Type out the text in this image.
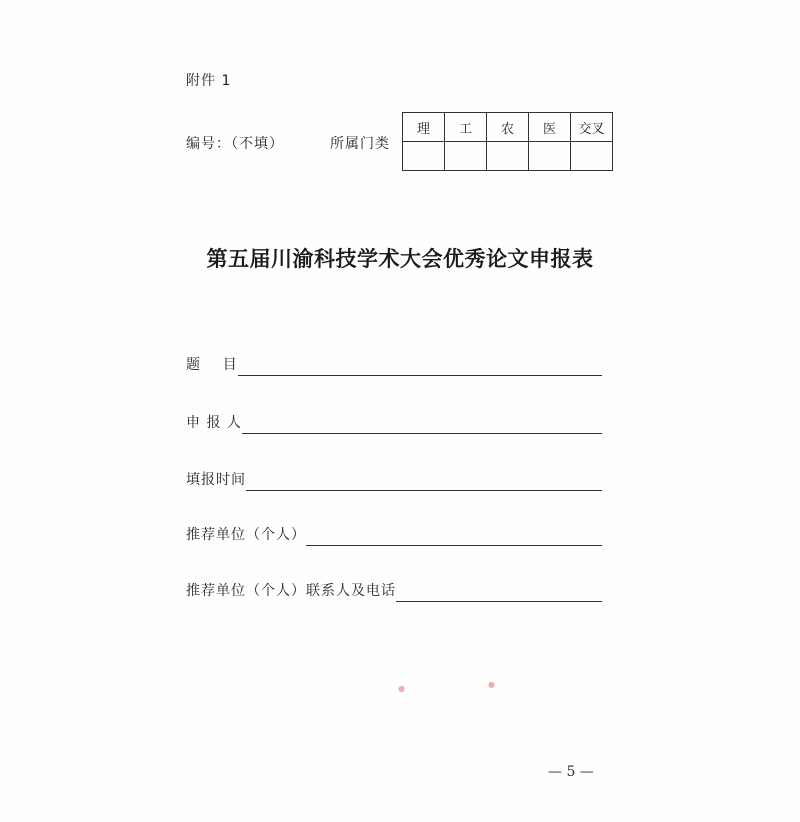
附件 1
编号：（不填）	所属门类
理	工	农	医	交叉

第五届川渝科技学术大会优秀论文申报表
题    目
申 报 人
填报时间
推荐单位（个人）
推荐单位（个人）联系人及电话
●	●
— 5 —
